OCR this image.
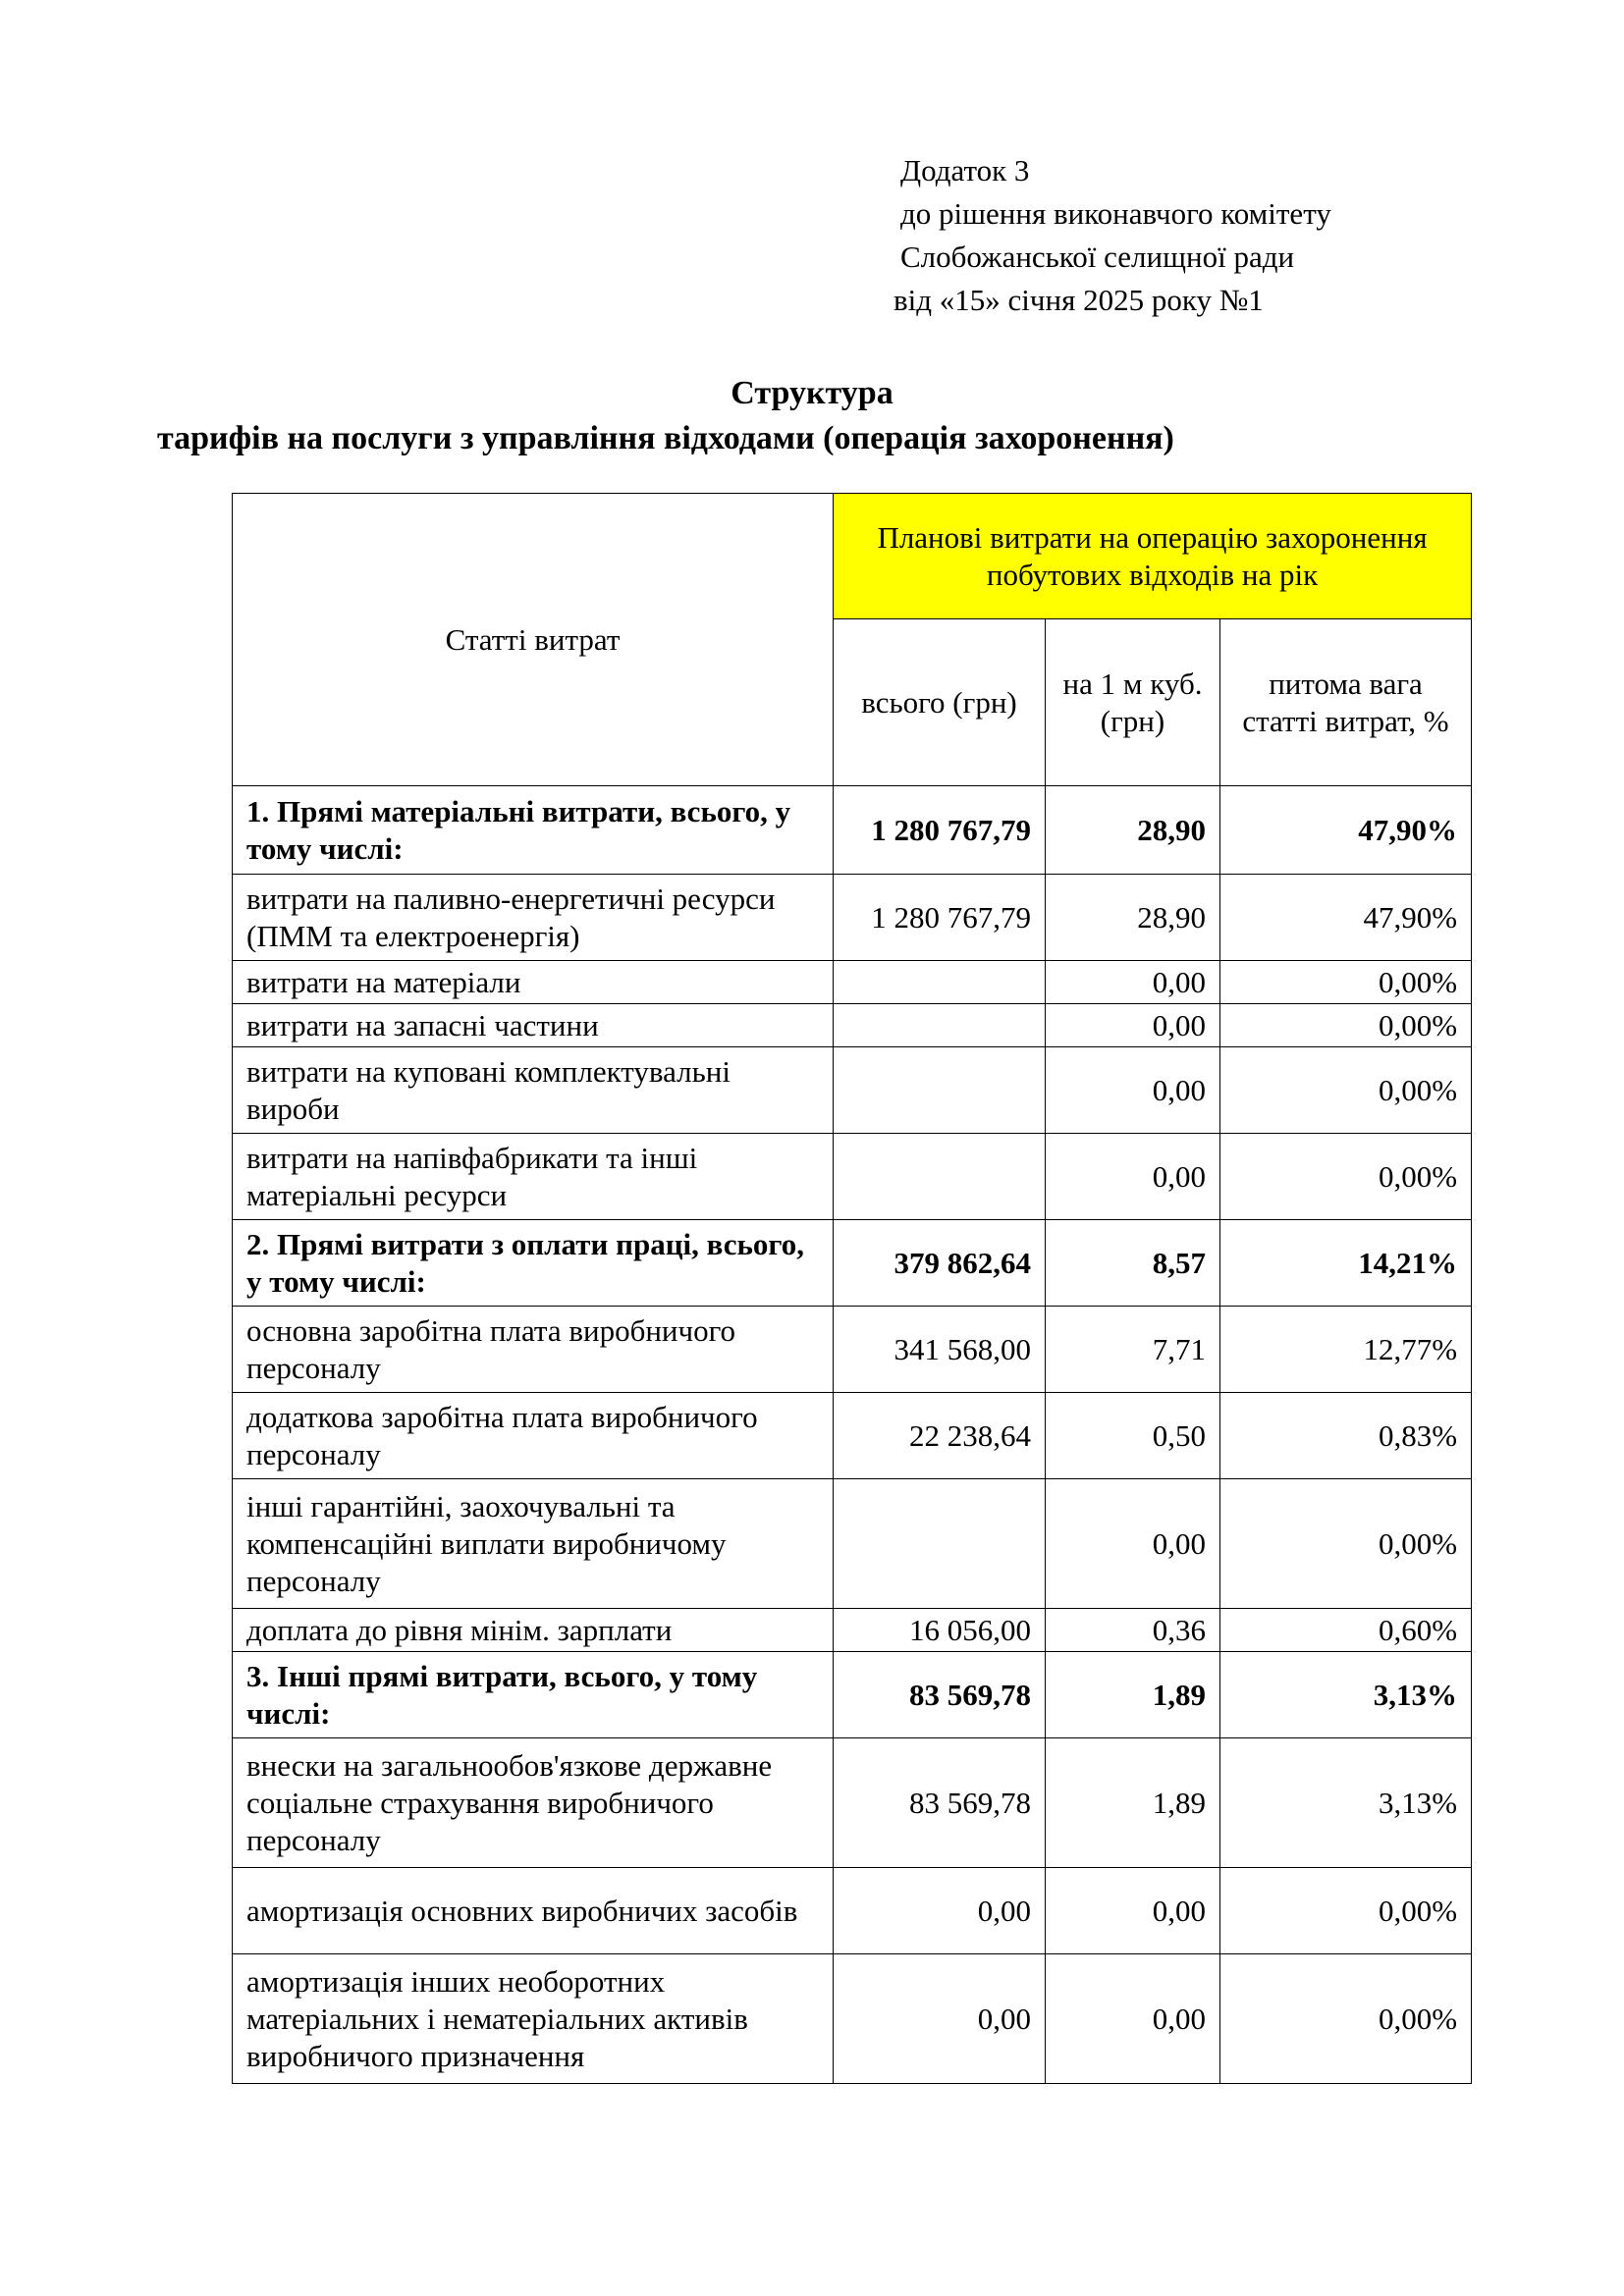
Додаток 3
до рішення виконавчого комітету
Слобожанської селищної ради
від «15» січня 2025 року №1
Структура
тарифів на послуги з управління відходами (операція захоронення)
Статті витрат	Планові витрати на операцію захоронення побутових відходів на рік		
	всього (грн)	на 1 м куб. (грн)	питома вага статті витрат, %
1. Прямі матеріальні витрати, всього, у тому числі:	1 280 767,79	28,90	47,90%
витрати на паливно-енергетичні ресурси (ПММ та електроенергія)	1 280 767,79	28,90	47,90%
витрати на матеріали		0,00	0,00%
витрати на запасні частини		0,00	0,00%
витрати на куповані комплектувальні вироби		0,00	0,00%
витрати на напівфабрикати та інші матеріальні ресурси		0,00	0,00%
2. Прямі витрати з оплати праці, всього, у тому числі:	379 862,64	8,57	14,21%
основна заробітна плата виробничого персоналу	341 568,00	7,71	12,77%
додаткова заробітна плата виробничого персоналу	22 238,64	0,50	0,83%
інші гарантійні, заохочувальні та компенсаційні виплати виробничому персоналу		0,00	0,00%
доплата до рівня мінім. зарплати	16 056,00	0,36	0,60%
3. Інші прямі витрати, всього, у тому числі:	83 569,78	1,89	3,13%
внески на загальнообов'язкове державне соціальне страхування виробничого персоналу	83 569,78	1,89	3,13%
амортизація основних виробничих засобів	0,00	0,00	0,00%
амортизація інших необоротних матеріальних і нематеріальних активів виробничого призначення	0,00	0,00	0,00%
